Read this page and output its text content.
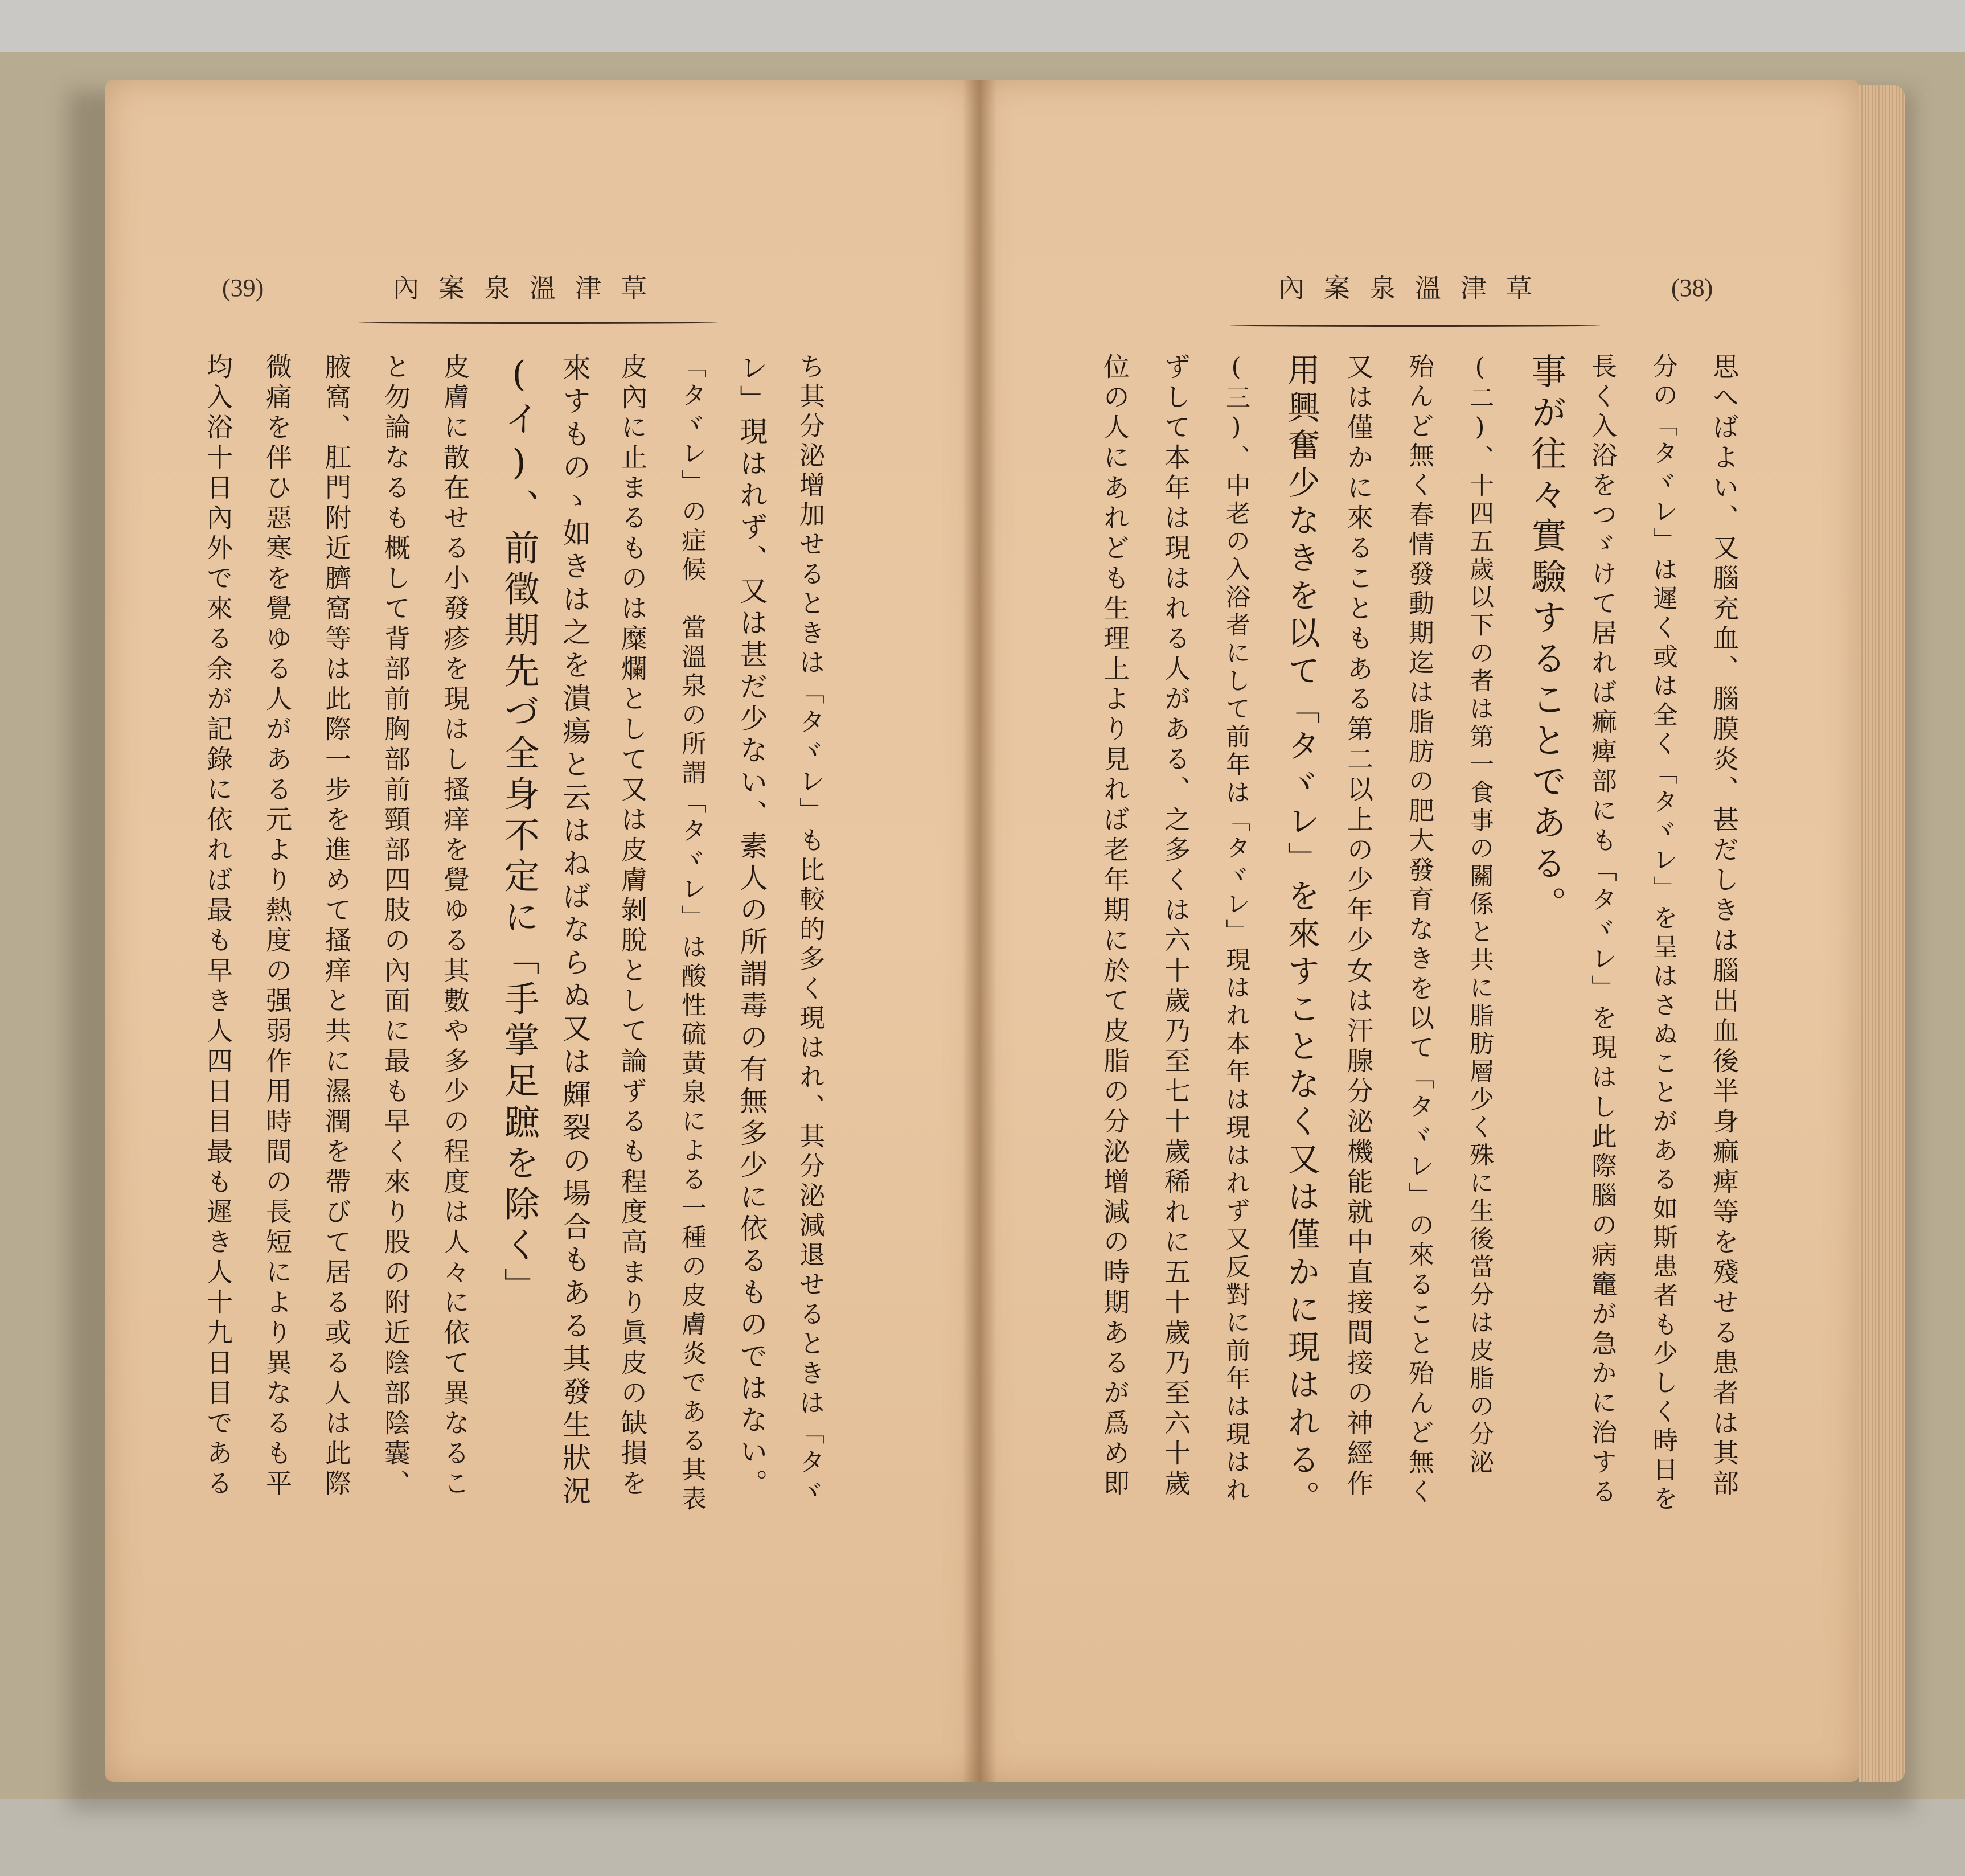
(39)	內案泉溫津草	內案泉溫津草	(38)
思へばよい、又腦充血、腦膜炎、甚だしきは腦出血後半身痲痺等を殘せる患者は其部
分の「タヾレ」は遲く或は全く「タヾレ」を呈はさぬことがある如斯患者も少しく時日を
長く入浴をつゞけて居れば痲痺部にも「タヾレ」を現はし此際腦の病竈が急かに治する
事が往々實驗することである。
(二)、十四五歲以下の者は第一食事の關係と共に脂肪層少く殊に生後當分は皮脂の分泌
殆んど無く春情發動期迄は脂肪の肥大發育なきを以て「タヾレ」の來ること殆んど無く
又は僅かに來ることもある第二以上の少年少女は汗腺分泌機能就中直接間接の神經作
用興奮少なきを以て「タヾレ」を來すことなく又は僅かに現はれる。
(三)、中老の入浴者にして前年は「タヾレ」現はれ本年は現はれず又反對に前年は現はれ
ずして本年は現はれる人がある、之多くは六十歲乃至七十歲稀れに五十歲乃至六十歲
位の人にあれども生理上より見れば老年期に於て皮脂の分泌增減の時期あるが爲め即
ち其分泌增加せるときは「タヾレ」も比較的多く現はれ、其分泌減退せるときは「タヾ
レ」現はれず、又は甚だ少ない、素人の所謂毒の有無多少に依るものではない。
「タヾレ」の症候　當溫泉の所謂「タヾレ」は酸性硫黃泉による一種の皮膚炎である其表
皮內に止まるものは糜爛として又は皮膚剝脫として論ずるも程度高まり眞皮の缺損を
來すものゝ如きは之を潰瘍と云はねばならぬ又は皹裂の場合もある其發生狀況
(イ)、前徵期先づ全身不定に「手掌足蹠を除く」
皮膚に散在せる小發疹を現はし搔痒を覺ゆる其數や多少の程度は人々に依て異なるこ
と勿論なるも概して背部前胸部前頸部四肢の內面に最も早く來り股の附近陰部陰囊、
腋窩、肛門附近臍窩等は此際一步を進めて搔痒と共に濕潤を帶びて居る或る人は此際
微痛を伴ひ惡寒を覺ゆる人がある元より熱度の强弱作用時間の長短により異なるも平
均入浴十日內外で來る余が記錄に依れば最も早き人四日目最も遲き人十九日目である
